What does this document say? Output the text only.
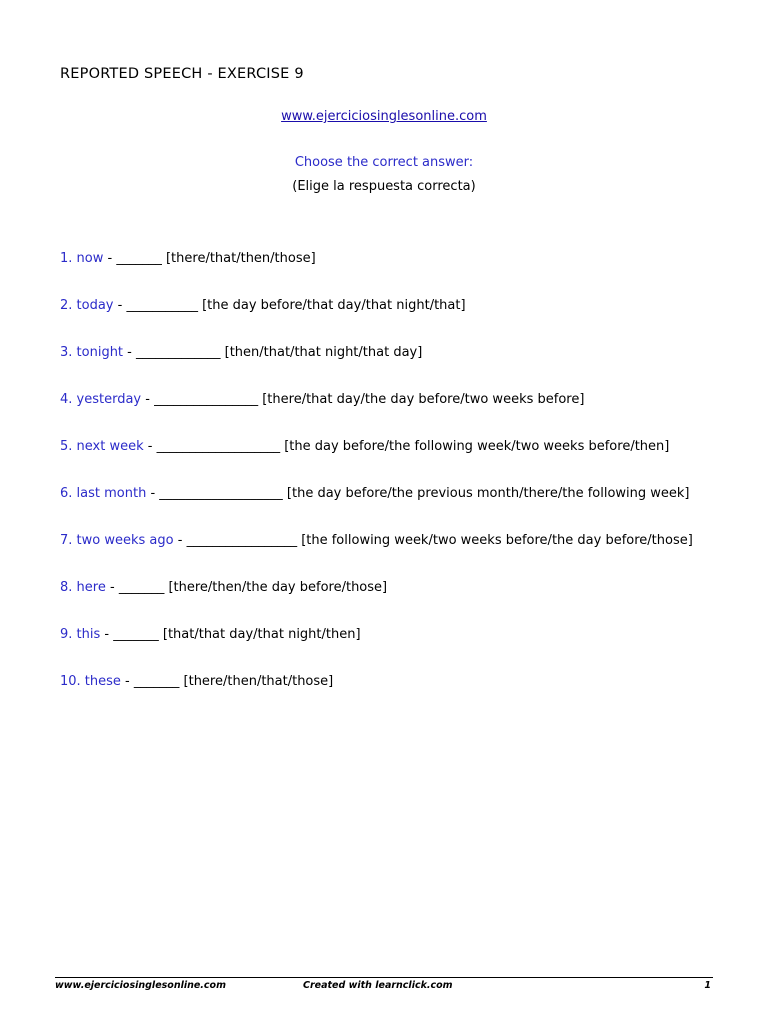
REPORTED SPEECH - EXERCISE 9
www.ejerciciosinglesonline.com
Choose the correct answer:
(Elige la respuesta correcta)
1. now - _______ [there/that/then/those]
2. today - ___________ [the day before/that day/that night/that]
3. tonight - _____________ [then/that/that night/that day]
4. yesterday - ________________ [there/that day/the day before/two weeks before]
5. next week - ___________________ [the day before/the following week/two weeks before/then]
6. last month - ___________________ [the day before/the previous month/there/the following week]
7. two weeks ago - _________________ [the following week/two weeks before/the day before/those]
8. here - _______ [there/then/the day before/those]
9. this - _______ [that/that day/that night/then]
10. these - _______ [there/then/that/those]
www.ejerciciosinglesonline.com	Created with learnclick.com	1
